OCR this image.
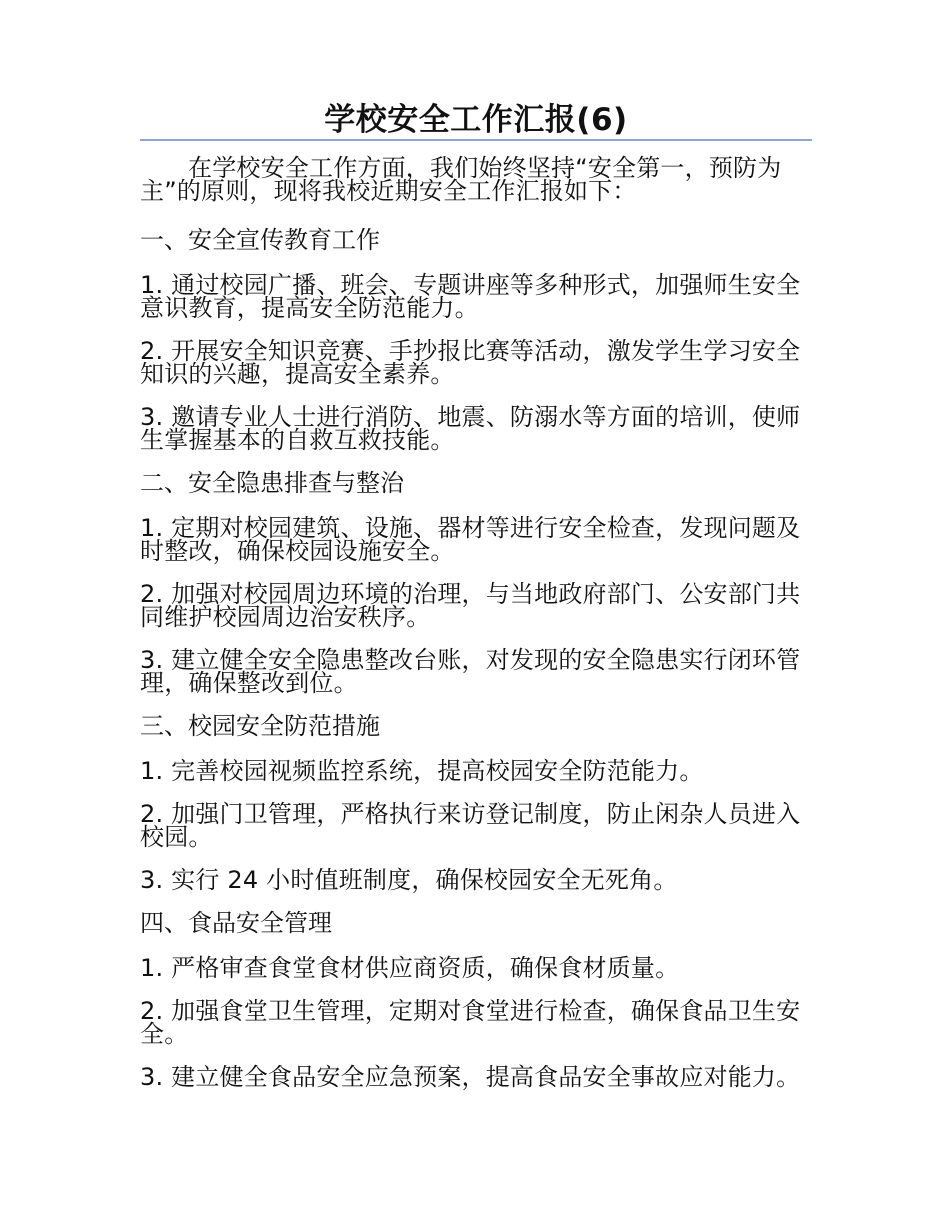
学校安全工作汇报(6)

在学校安全工作方面，我们始终坚持“安全第一，预防为主”的原则，现将我校近期安全工作汇报如下：

一、安全宣传教育工作

1. 通过校园广播、班会、专题讲座等多种形式，加强师生安全意识教育，提高安全防范能力。

2. 开展安全知识竞赛、手抄报比赛等活动，激发学生学习安全知识的兴趣，提高安全素养。

3. 邀请专业人士进行消防、地震、防溺水等方面的培训，使师生掌握基本的自救互救技能。

二、安全隐患排查与整治

1. 定期对校园建筑、设施、器材等进行安全检查，发现问题及时整改，确保校园设施安全。

2. 加强对校园周边环境的治理，与当地政府部门、公安部门共同维护校园周边治安秩序。

3. 建立健全安全隐患整改台账，对发现的安全隐患实行闭环管理，确保整改到位。

三、校园安全防范措施

1. 完善校园视频监控系统，提高校园安全防范能力。

2. 加强门卫管理，严格执行来访登记制度，防止闲杂人员进入校园。

3. 实行 24 小时值班制度，确保校园安全无死角。

四、食品安全管理

1. 严格审查食堂食材供应商资质，确保食材质量。

2. 加强食堂卫生管理，定期对食堂进行检查，确保食品卫生安全。

3. 建立健全食品安全应急预案，提高食品安全事故应对能力。
